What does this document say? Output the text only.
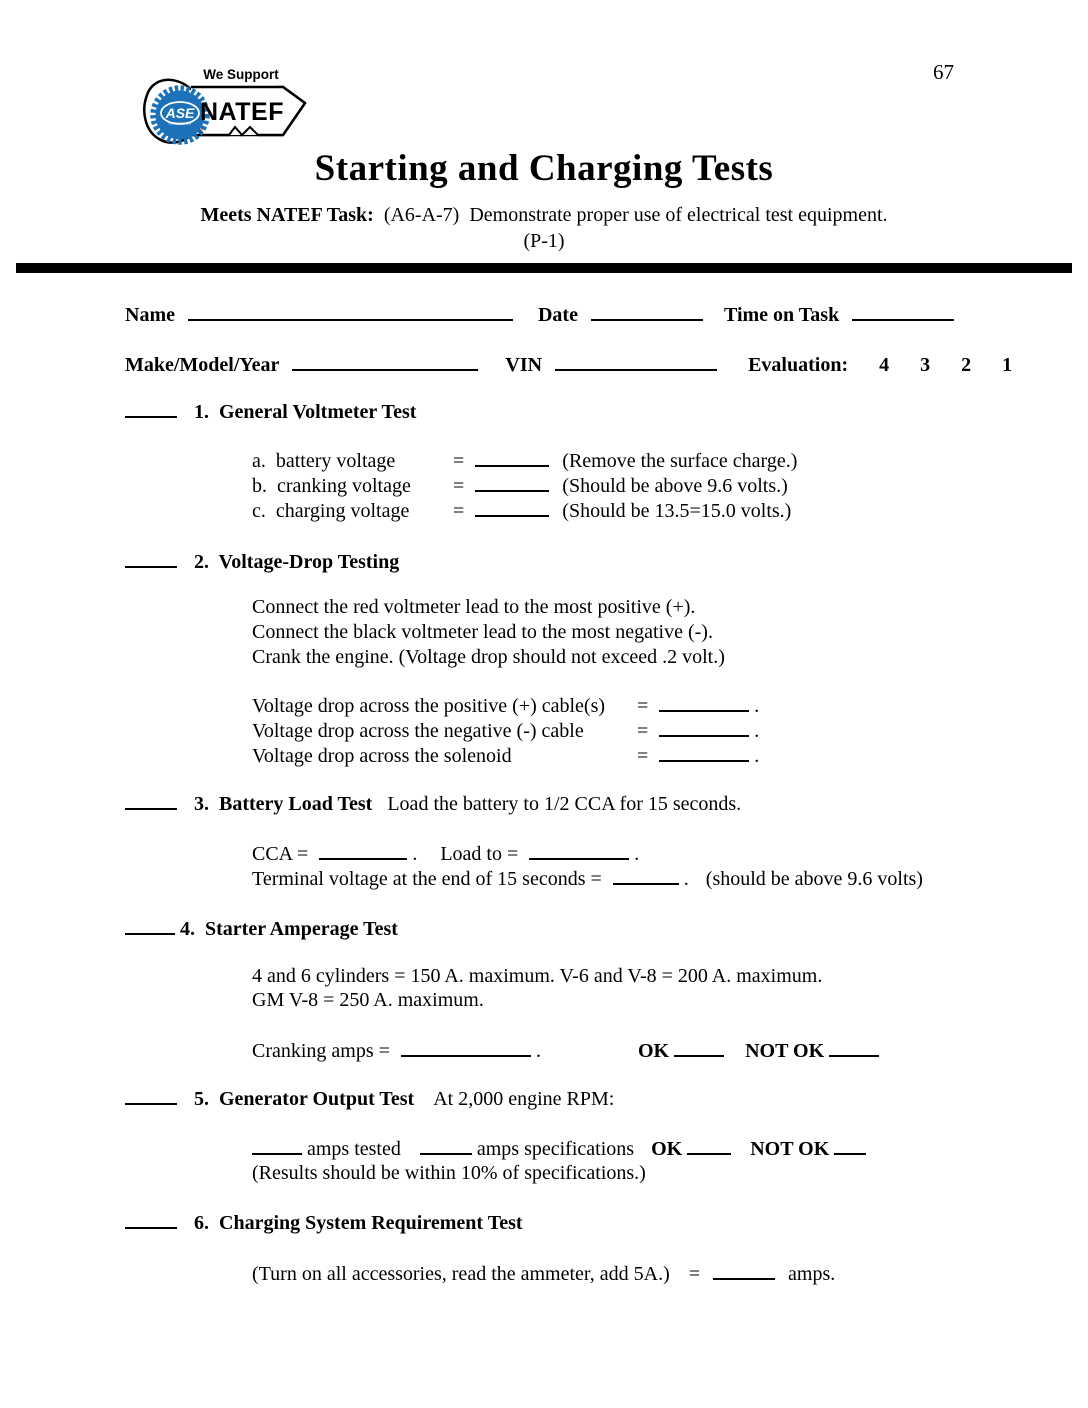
67
ASE
CERTIFIED
®
We Support
NATEF
Starting and Charging Tests
Meets NATEF Task:  (A6-A-7)  Demonstrate proper use of electrical test equipment.
(P-1)
Name	Date	Time on Task
Make/Model/Year	VIN	Evaluation: 4 3 2 1
1.  General Voltmeter Test
a.  battery voltage	=	(Remove the surface charge.)
b.  cranking voltage =	(Should be above 9.6 volts.)
c.  charging voltage =	(Should be 13.5=15.0 volts.)
2.  Voltage-Drop Testing
Connect the red voltmeter lead to the most positive (+).
Connect the black voltmeter lead to the most negative (-).
Crank the engine. (Voltage drop should not exceed .2 volt.)
Voltage drop across the positive (+) cable(s) =	.
Voltage drop across the negative (-) cable	=	.
Voltage drop across the solenoid	=	.
3.  Battery Load Test Load the battery to 1/2 CCA for 15 seconds.
CCA =	. Load to =	.
Terminal voltage at the end of 15 seconds =	. (should be above 9.6 volts)
4.  Starter Amperage Test
4 and 6 cylinders = 150 A. maximum. V-6 and V-8 = 200 A. maximum.
GM V-8 = 250 A. maximum.
Cranking amps =	.	OK	NOT OK
5.  Generator Output Test At 2,000 engine RPM:
amps tested	amps specifications OK	NOT OK
(Results should be within 10% of specifications.)
6.  Charging System Requirement Test
(Turn on all accessories, read the ammeter, add 5A.) =	amps.
